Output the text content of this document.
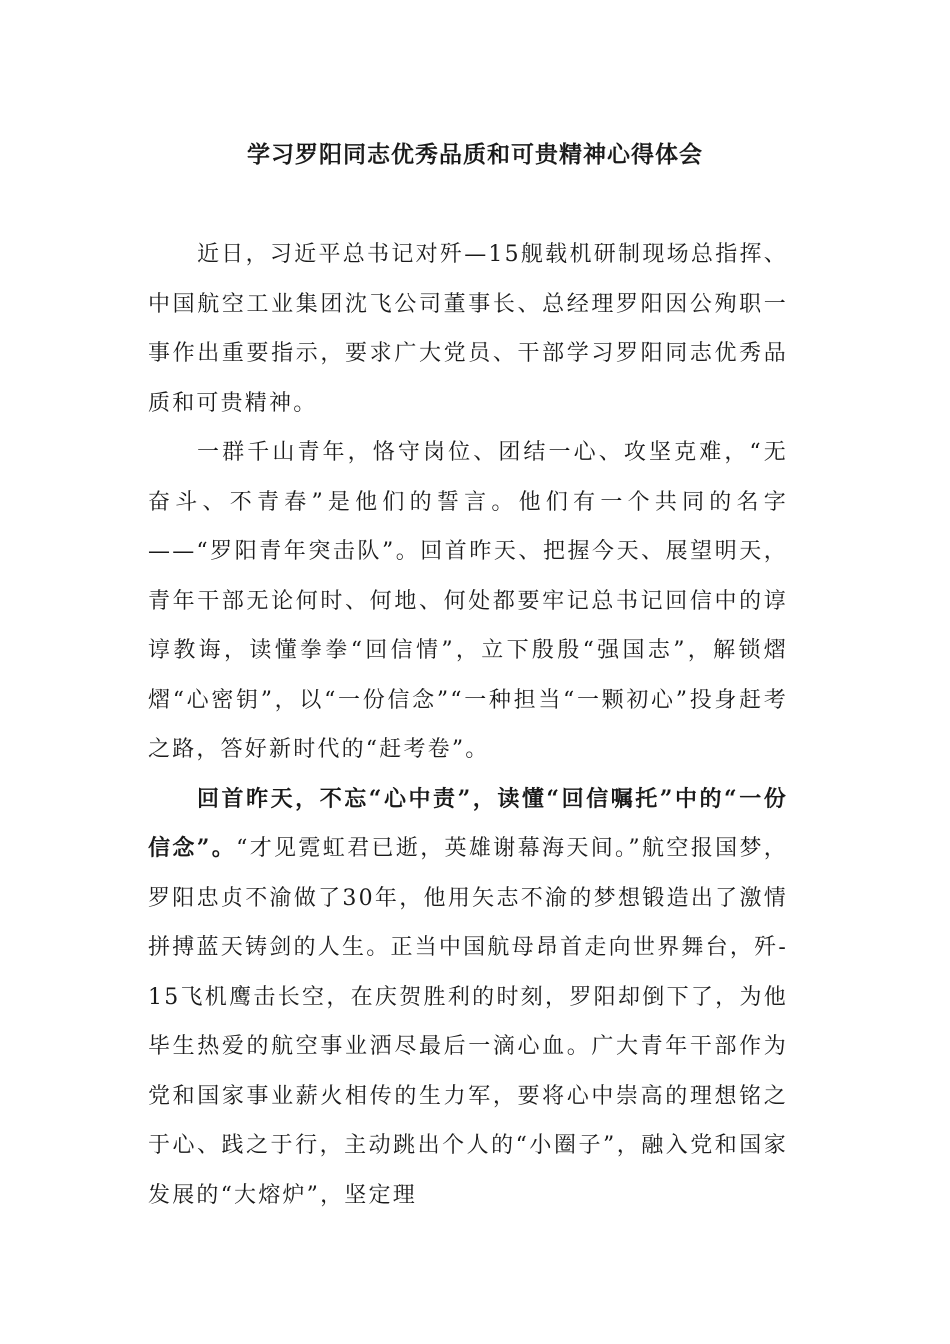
学习罗阳同志优秀品质和可贵精神心得体会

近日，习近平总书记对歼—15舰载机研制现场总指挥、中国航空工业集团沈飞公司董事长、总经理罗阳因公殉职一事作出重要指示，要求广大党员、干部学习罗阳同志优秀品质和可贵精神。

一群千山青年，恪守岗位、团结一心、攻坚克难，“无奋斗、不青春”是他们的誓言。他们有一个共同的名字——“罗阳青年突击队”。回首昨天、把握今天、展望明天，青年干部无论何时、何地、何处都要牢记总书记回信中的谆谆教诲，读懂拳拳“回信情”，立下殷殷“强国志”，解锁熠熠“心密钥”，以“一份信念”“一种担当“一颗初心”投身赶考之路，答好新时代的“赶考卷”。

回首昨天，不忘“心中责”，读懂“回信嘱托”中的“一份信念”。“才见霓虹君已逝，英雄谢幕海天间。”航空报国梦，罗阳忠贞不渝做了30年，他用矢志不渝的梦想锻造出了激情拼搏蓝天铸剑的人生。正当中国航母昂首走向世界舞台，歼-15飞机鹰击长空，在庆贺胜利的时刻，罗阳却倒下了，为他毕生热爱的航空事业洒尽最后一滴心血。广大青年干部作为党和国家事业薪火相传的生力军，要将心中崇高的理想铭之于心、践之于行，主动跳出个人的“小圈子”，融入党和国家发展的“大熔炉”，坚定理
